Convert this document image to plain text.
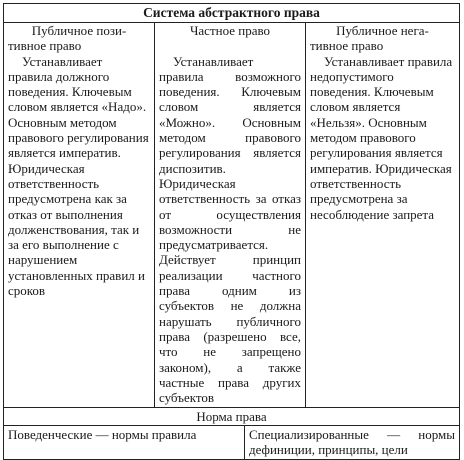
Система абстрактного права
Публичное пози-
тивное право
Частное право	Публичное нега-
тивное право
Устанавливает правила должного поведения. Ключевым словом является «Надо». Основным методом правового регулирования является императив. Юридическая ответственность предусмотрена как за отказ от выполнения долженствования, так и за его выполнение с нарушением установленных правил и сроков
Устанавливает правила возможного поведения. Ключевым словом является «Можно». Основным методом правового регулирования является диспозитив. Юридическая ответственность за отказ от осуществления возможности не предусматривается. Действует принцип реализации частного права одним из субъектов не должна нарушать публичного права (разрешено все, что не запрещено законом), а также частные права других субъектов
Устанавливает правила недопустимого поведения. Ключевым словом является «Нельзя». Основным методом правового регулирования является императив. Юридическая ответственность предусмотрена за несоблюдение запрета
Норма права
Поведенческие — нормы правила	Специализированные — нормы дефиниции, принципы, цели
